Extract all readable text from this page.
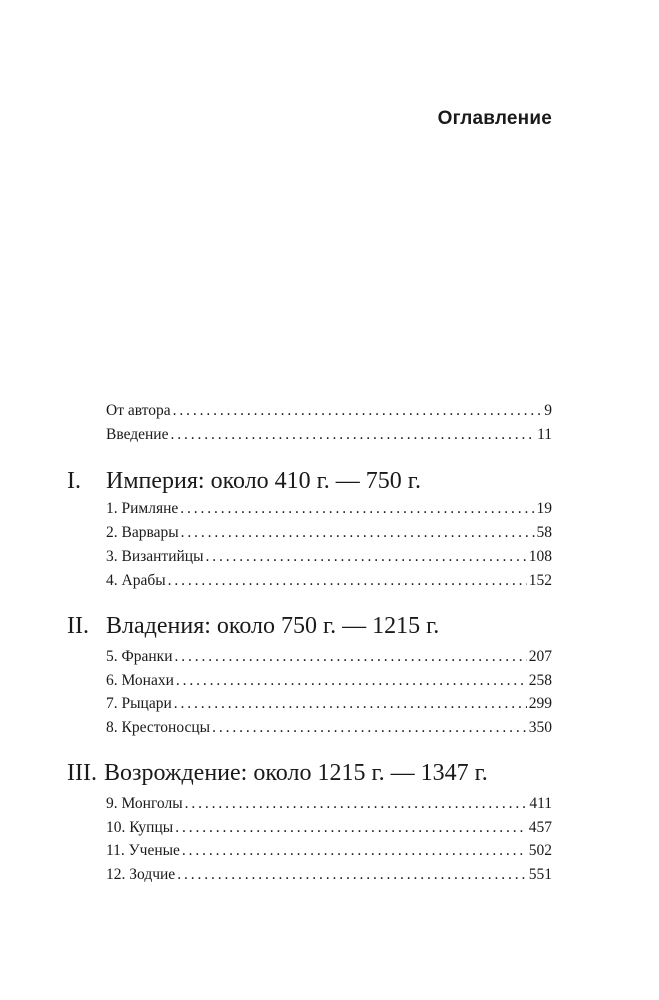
Оглавление
От автора . . .	9
Введение . . .	11
I. Империя: около 410 г. — 750 г.
1. Римляне . . .	19
2. Варвары . . .	58
3. Византийцы . . .	108
4. Арабы . . .	152
II. Владения: около 750 г. — 1215 г.
5. Франки . . .	207
6. Монахи . . .	258
7. Рыцари . . .	299
8. Крестоносцы . . .	350
III. Возрождение: около 1215 г. — 1347 г.
9. Монголы . . .	411
10. Купцы . . .	457
11. Ученые . . .	502
12. Зодчие . . .	551
